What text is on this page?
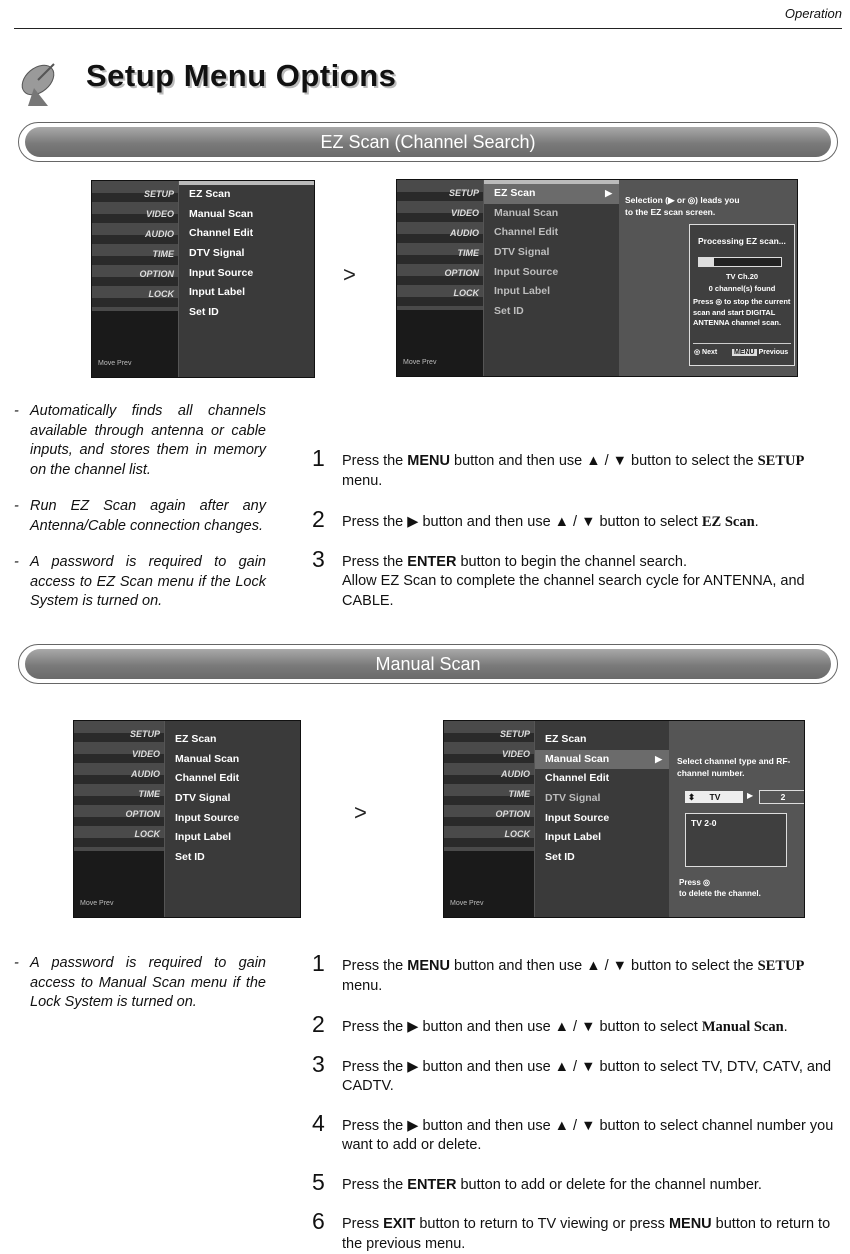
Operation
Setup Menu Options
EZ Scan (Channel Search)
SETUP
VIDEO
AUDIO
TIME
OPTION
LOCK
Move Prev
EZ Scan
Manual Scan
Channel Edit
DTV Signal
Input Source
Input Label
Set ID
>
SETUP
VIDEO
AUDIO
TIME
OPTION
LOCK
Move Prev
EZ Scan	▶
Manual Scan
Channel Edit
DTV Signal
Input Source
Input Label
Set ID
Selection (▶ or ◎) leads you to the EZ scan screen.
Processing EZ scan...
TV Ch.20
0 channel(s) found
Press ◎ to stop the current scan and start DIGITAL ANTENNA channel scan.
◎ Next MENU Previous
- Automatically finds all channels available through antenna or cable inputs, and stores them in memory on the channel list.
- Run EZ Scan again after any Antenna/Cable connection changes.
- A password is required to gain access to EZ Scan menu if the Lock System is turned on.
1 Press the MENU button and then use ▲ / ▼ button to select the SETUP menu.
2 Press the ▶ button and then use ▲ / ▼ button to select EZ Scan.
3 Press the ENTER button to begin the channel search.
Allow EZ Scan to complete the channel search cycle for ANTENNA, and CABLE.
Manual Scan
SETUP
VIDEO
AUDIO
TIME
OPTION
LOCK
Move Prev
EZ Scan
Manual Scan
Channel Edit
DTV Signal
Input Source
Input Label
Set ID
>
SETUP
VIDEO
AUDIO
TIME
OPTION
LOCK
Move Prev
EZ Scan
Manual Scan	▶
Channel Edit
DTV Signal
Input Source
Input Label
Set ID
Select channel type and RF-channel number.
⬍ TV	▶	2
TV 2-0
Press ◎
to delete the channel.
- A password is required to gain access to Manual Scan menu if the Lock System is turned on.
1 Press the MENU button and then use ▲ / ▼ button to select the SETUP menu.
2 Press the ▶ button and then use ▲ / ▼ button to select Manual Scan.
3 Press the ▶ button and then use ▲ / ▼ button to select TV, DTV, CATV, and CADTV.
4 Press the ▶ button and then use ▲ / ▼ button to select channel number you want to add or delete.
5 Press the ENTER button to add or delete for the channel number.
6 Press EXIT button to return to TV viewing or press MENU button to return to the previous menu.
